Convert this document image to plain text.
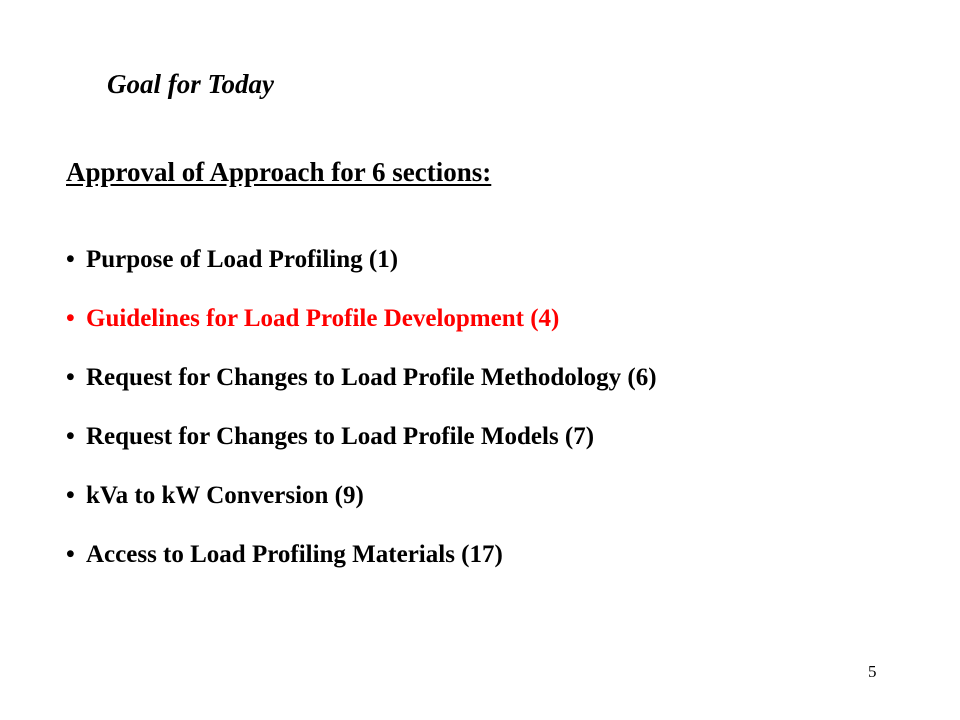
Goal for Today
Approval of Approach for 6 sections:
• Purpose of Load Profiling (1)
• Guidelines for Load Profile Development (4)
• Request for Changes to Load Profile Methodology (6)
• Request for Changes to Load Profile Models (7)
• kVa to kW Conversion (9)
• Access to Load Profiling Materials (17)
5
